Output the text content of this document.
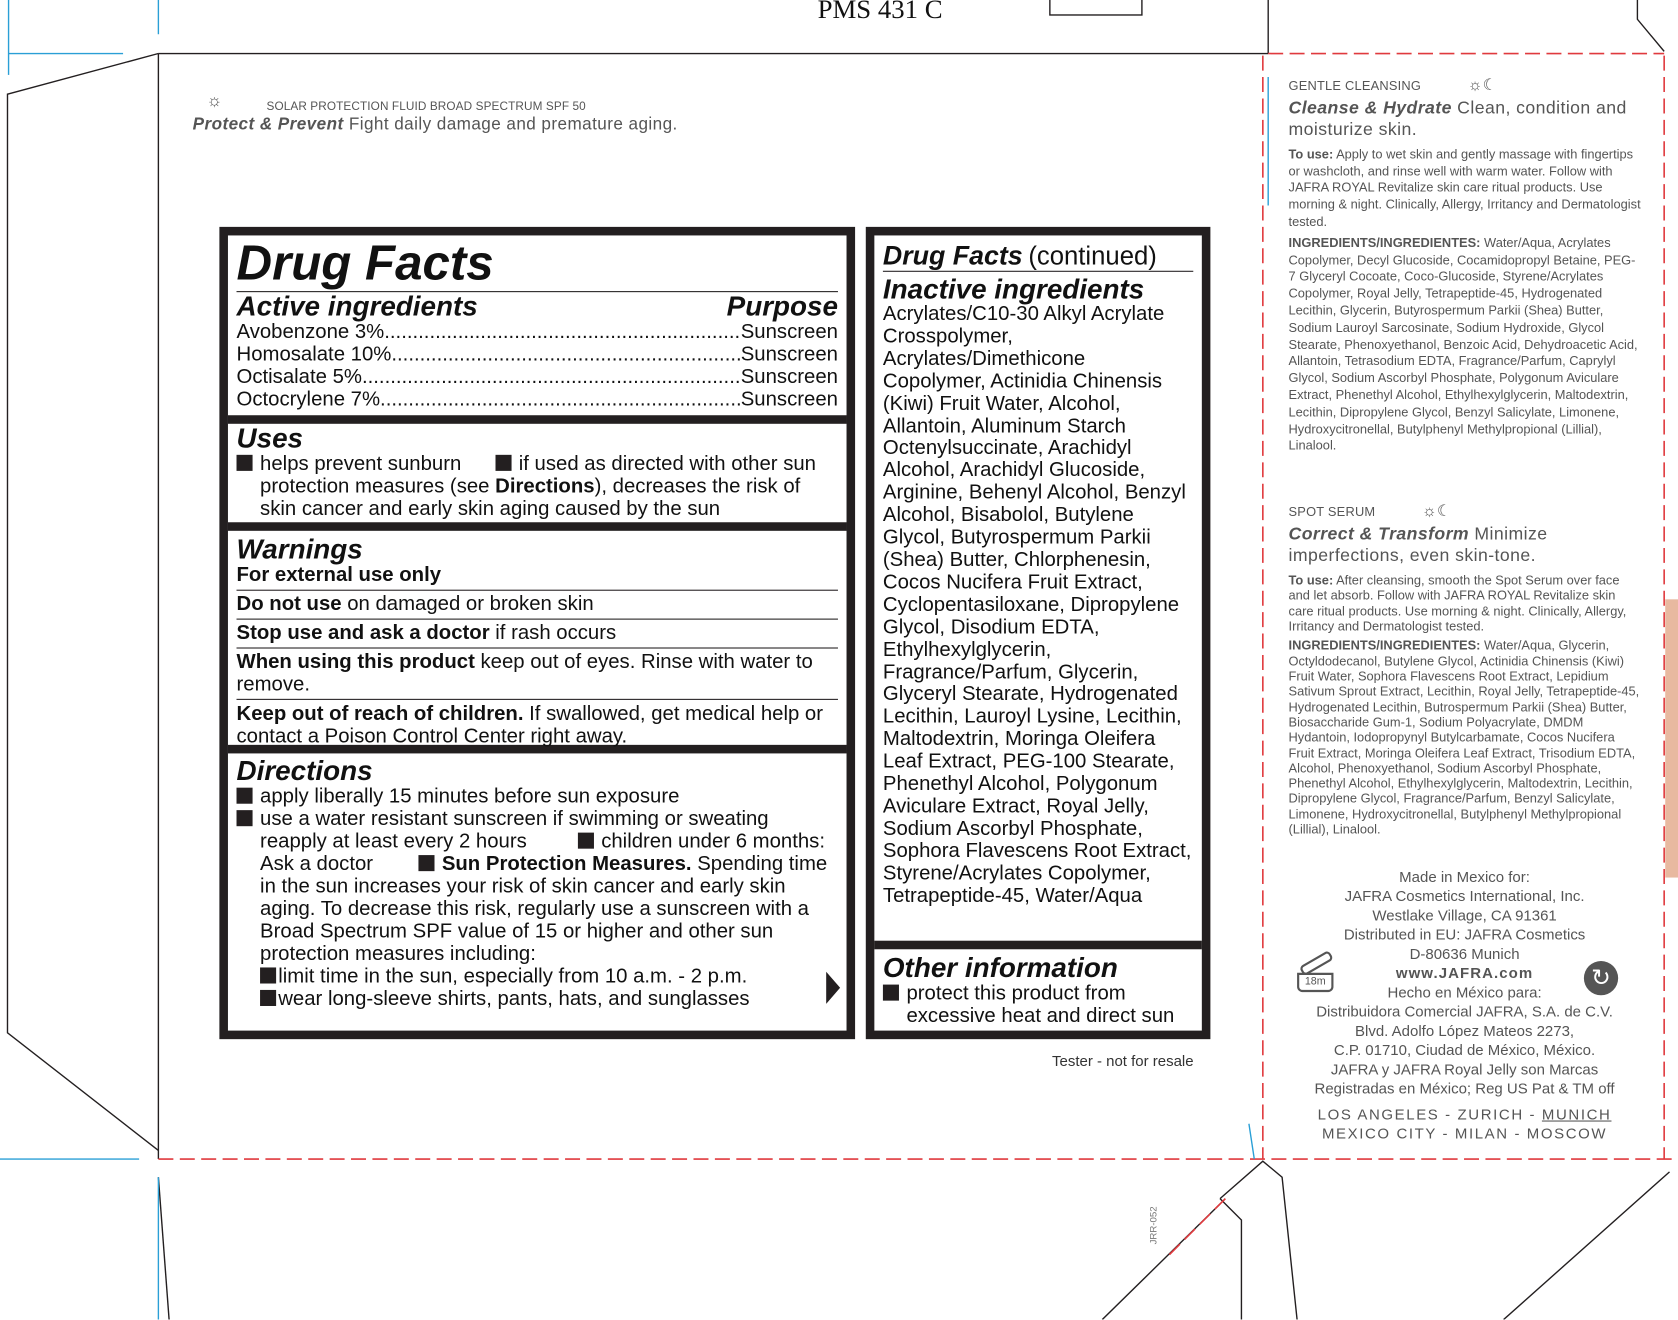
PMS 431 C
☼	SOLAR PROTECTION FLUID BROAD SPECTRUM SPF 50
Protect & Prevent Fight daily damage and premature aging.
Drug Facts
Active ingredients	Purpose
Avobenzone 3% .....	Sunscreen
Homosalate 10% .....	Sunscreen
Octisalate 5% .....	Sunscreen
Octocrylene 7% .....	Sunscreen
Uses
helps prevent sunburn	if used as directed with other sun protection measures (see Directions), decreases the risk of skin cancer and early skin aging caused by the sun
Warnings
For external use only
Do not use on damaged or broken skin
Stop use and ask a doctor if rash occurs
When using this product keep out of eyes. Rinse with water to remove.
Keep out of reach of children. If swallowed, get medical help or contact a Poison Control Center right away.
Directions
apply liberally 15 minutes before sun exposure
use a water resistant sunscreen if swimming or sweating reapply at least every 2 hours	children under 6 months: Ask a doctor	Sun Protection Measures. Spending time in the sun increases your risk of skin cancer and early skin aging. To decrease this risk, regularly use a sunscreen with a Broad Spectrum SPF value of 15 or higher and other sun protection measures including:
limit time in the sun, especially from 10 a.m. - 2 p.m.
wear long-sleeve shirts, pants, hats, and sunglasses
Drug Facts (continued)
Inactive ingredients
Acrylates/C10-30 Alkyl Acrylate Crosspolymer, Acrylates/Dimethicone Copolymer, Actinidia Chinensis (Kiwi) Fruit Water, Alcohol, Allantoin, Aluminum Starch Octenylsuccinate, Arachidyl Alcohol, Arachidyl Glucoside, Arginine, Behenyl Alcohol, Benzyl Alcohol, Bisabolol, Butylene Glycol, Butyrospermum Parkii (Shea) Butter, Chlorphenesin, Cocos Nucifera Fruit Extract, Cyclopentasiloxane, Dipropylene Glycol, Disodium EDTA, Ethylhexylglycerin, Fragrance/Parfum, Glycerin, Glyceryl Stearate, Hydrogenated Lecithin, Lauroyl Lysine, Lecithin, Maltodextrin, Moringa Oleifera Leaf Extract, PEG-100 Stearate, Phenethyl Alcohol, Polygonum Aviculare Extract, Royal Jelly, Sodium Ascorbyl Phosphate, Sophora Flavescens Root Extract, Styrene/Acrylates Copolymer, Tetrapeptide-45, Water/Aqua
Other information
protect this product from excessive heat and direct sun
Tester - not for resale
JRR-052
GENTLE CLEANSING	☼☾
Cleanse & Hydrate Clean, condition and moisturize skin.
To use: Apply to wet skin and gently massage with fingertips or washcloth, and rinse well with warm water. Follow with JAFRA ROYAL Revitalize skin care ritual products. Use morning & night. Clinically, Allergy, Irritancy and Dermatologist tested.
INGREDIENTS/INGREDIENTES: Water/Aqua, Acrylates Copolymer, Decyl Glucoside, Cocamidopropyl Betaine, PEG-7 Glyceryl Cocoate, Coco-Glucoside, Styrene/Acrylates Copolymer, Royal Jelly, Tetrapeptide-45, Hydrogenated Lecithin, Glycerin, Butyrospermum Parkii (Shea) Butter, Sodium Lauroyl Sarcosinate, Sodium Hydroxide, Glycol Stearate, Phenoxyethanol, Benzoic Acid, Dehydroacetic Acid, Allantoin, Tetrasodium EDTA, Fragrance/Parfum, Caprylyl Glycol, Sodium Ascorbyl Phosphate, Polygonum Aviculare Extract, Phenethyl Alcohol, Ethylhexylglycerin, Maltodextrin, Lecithin, Dipropylene Glycol, Benzyl Salicylate, Limonene, Hydroxycitronellal, Butylphenyl Methylpropional (Lillial), Linalool.
SPOT SERUM	☼☾
Correct & Transform Minimize imperfections, even skin-tone.
To use: After cleansing, smooth the Spot Serum over face and let absorb. Follow with JAFRA ROYAL Revitalize skin care ritual products. Use morning & night. Clinically, Allergy, Irritancy and Dermatologist tested.
INGREDIENTS/INGREDIENTES: Water/Aqua, Glycerin, Octyldodecanol, Butylene Glycol, Actinidia Chinensis (Kiwi) Fruit Water, Sophora Flavescens Root Extract, Lepidium Sativum Sprout Extract, Lecithin, Royal Jelly, Tetrapeptide-45, Hydrogenated Lecithin, Butrospermum Parkii (Shea) Butter, Biosaccharide Gum-1, Sodium Polyacrylate, DMDM Hydantoin, Iodopropynyl Butylcarbamate, Cocos Nucifera Fruit Extract, Moringa Oleifera Leaf Extract, Trisodium EDTA, Alcohol, Phenoxyethanol, Sodium Ascorbyl Phosphate, Phenethyl Alcohol, Ethylhexylglycerin, Maltodextrin, Lecithin, Dipropylene Glycol, Fragrance/Parfum, Benzyl Salicylate, Limonene, Hydroxycitronellal, Butylphenyl Methylpropional (Lillial), Linalool.
Made in Mexico for:
JAFRA Cosmetics International, Inc.
Westlake Village, CA 91361
Distributed in EU: JAFRA Cosmetics
D-80636 Munich
www.JAFRA.com
Hecho en México para:
Distribuidora Comercial JAFRA, S.A. de C.V.
Blvd. Adolfo López Mateos 2273,
C.P. 01710, Ciudad de México, México.
JAFRA y JAFRA Royal Jelly son Marcas
Registradas en México; Reg US Pat & TM off
LOS ANGELES - ZURICH - MUNICH
MEXICO CITY - MILAN - MOSCOW
18m	↻
